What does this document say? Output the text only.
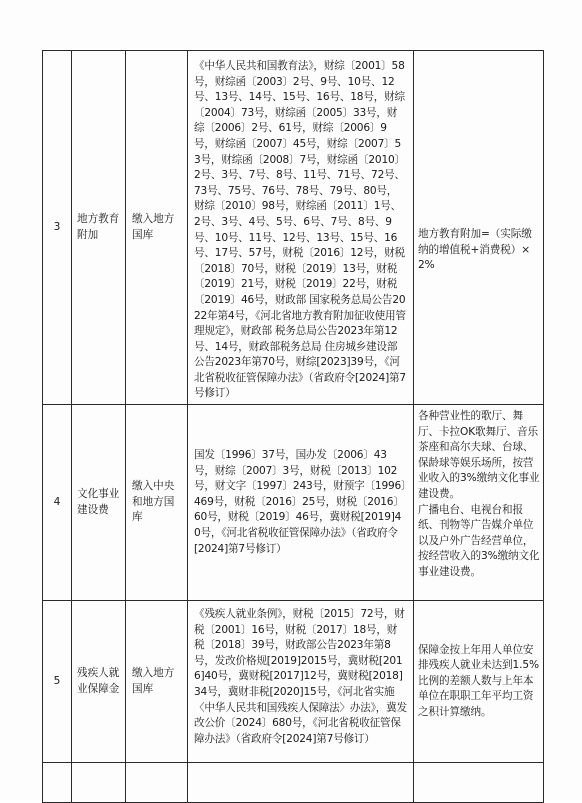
3	地方教育附加	缴入地方国库	《中华人民共和国教育法》，财综〔2001〕58号，财综函〔2003〕2号、9号、10号、12号、13号、14号、15号、16号、18号，财综〔2004〕73号，财综函〔2005〕33号，财综〔2006〕2号、61号，财综〔2006〕9号，财综函〔2007〕45号，财综〔2007〕53号，财综函〔2008〕7号，财综函〔2010〕2号、3号、7号、8号、11号、71号、72号、73号、75号、76号、78号、79号、80号，财综〔2010〕98号，财综函〔2011〕1号、2号、3号、4号、5号、6号、7号、8号、9号、10号、11号、12号、13号、15号、16号、17号、57号，财税〔2016〕12号，财税〔2018〕70号，财税〔2019〕13号，财税〔2019〕21号，财税〔2019〕22号，财税〔2019〕46号，财政部 国家税务总局公告2022年第4号，《河北省地方教育附加征收使用管理规定》，财政部 税务总局公告2023年第12号、14号，财政部税务总局 住房城乡建设部公告2023年第70号，财综[2023]39号，《河北省税收征管保障办法》（省政府令[2024]第7号修订）	地方教育附加=（实际缴纳的增值税+消费税）×2%

4	文化事业建设费	缴入中央和地方国库	国发〔1996〕37号，国办发〔2006〕43号，财综〔2007〕3号，财税〔2013〕102号，财文字〔1997〕243号，财预字〔1996〕469号，财税〔2016〕25号，财税〔2016〕60号，财税〔2019〕46号，冀财税[2019]40号，《河北省税收征管保障办法》（省政府令[2024]第7号修订）	各种营业性的歌厅、舞厅、卡拉OK歌舞厅、音乐茶座和高尔夫球、台球、保龄球等娱乐场所，按营业收入的3%缴纳文化事业建设费。
广播电台、电视台和报纸、刊物等广告媒介单位以及户外广告经营单位，按经营收入的3%缴纳文化事业建设费。

5	残疾人就业保障金	缴入地方国库	《残疾人就业条例》，财税〔2015〕72号，财税〔2001〕16号，财税〔2017〕18号，财税〔2018〕39号，财政部公告2023年第8号，发改价格规[2019]2015号，冀财税[2016]40号，冀财税[2017]12号，冀财税[2018]34号，冀财非税[2020]15号，《河北省实施〈中华人民共和国残疾人保障法〉办法》，冀发改公价〔2024〕680号，《河北省税收征管保障办法》（省政府令[2024]第7号修订）	保障金按上年用人单位安排残疾人就业未达到1.5%比例的差额人数与上年本单位在职职工年平均工资之积计算缴纳。
